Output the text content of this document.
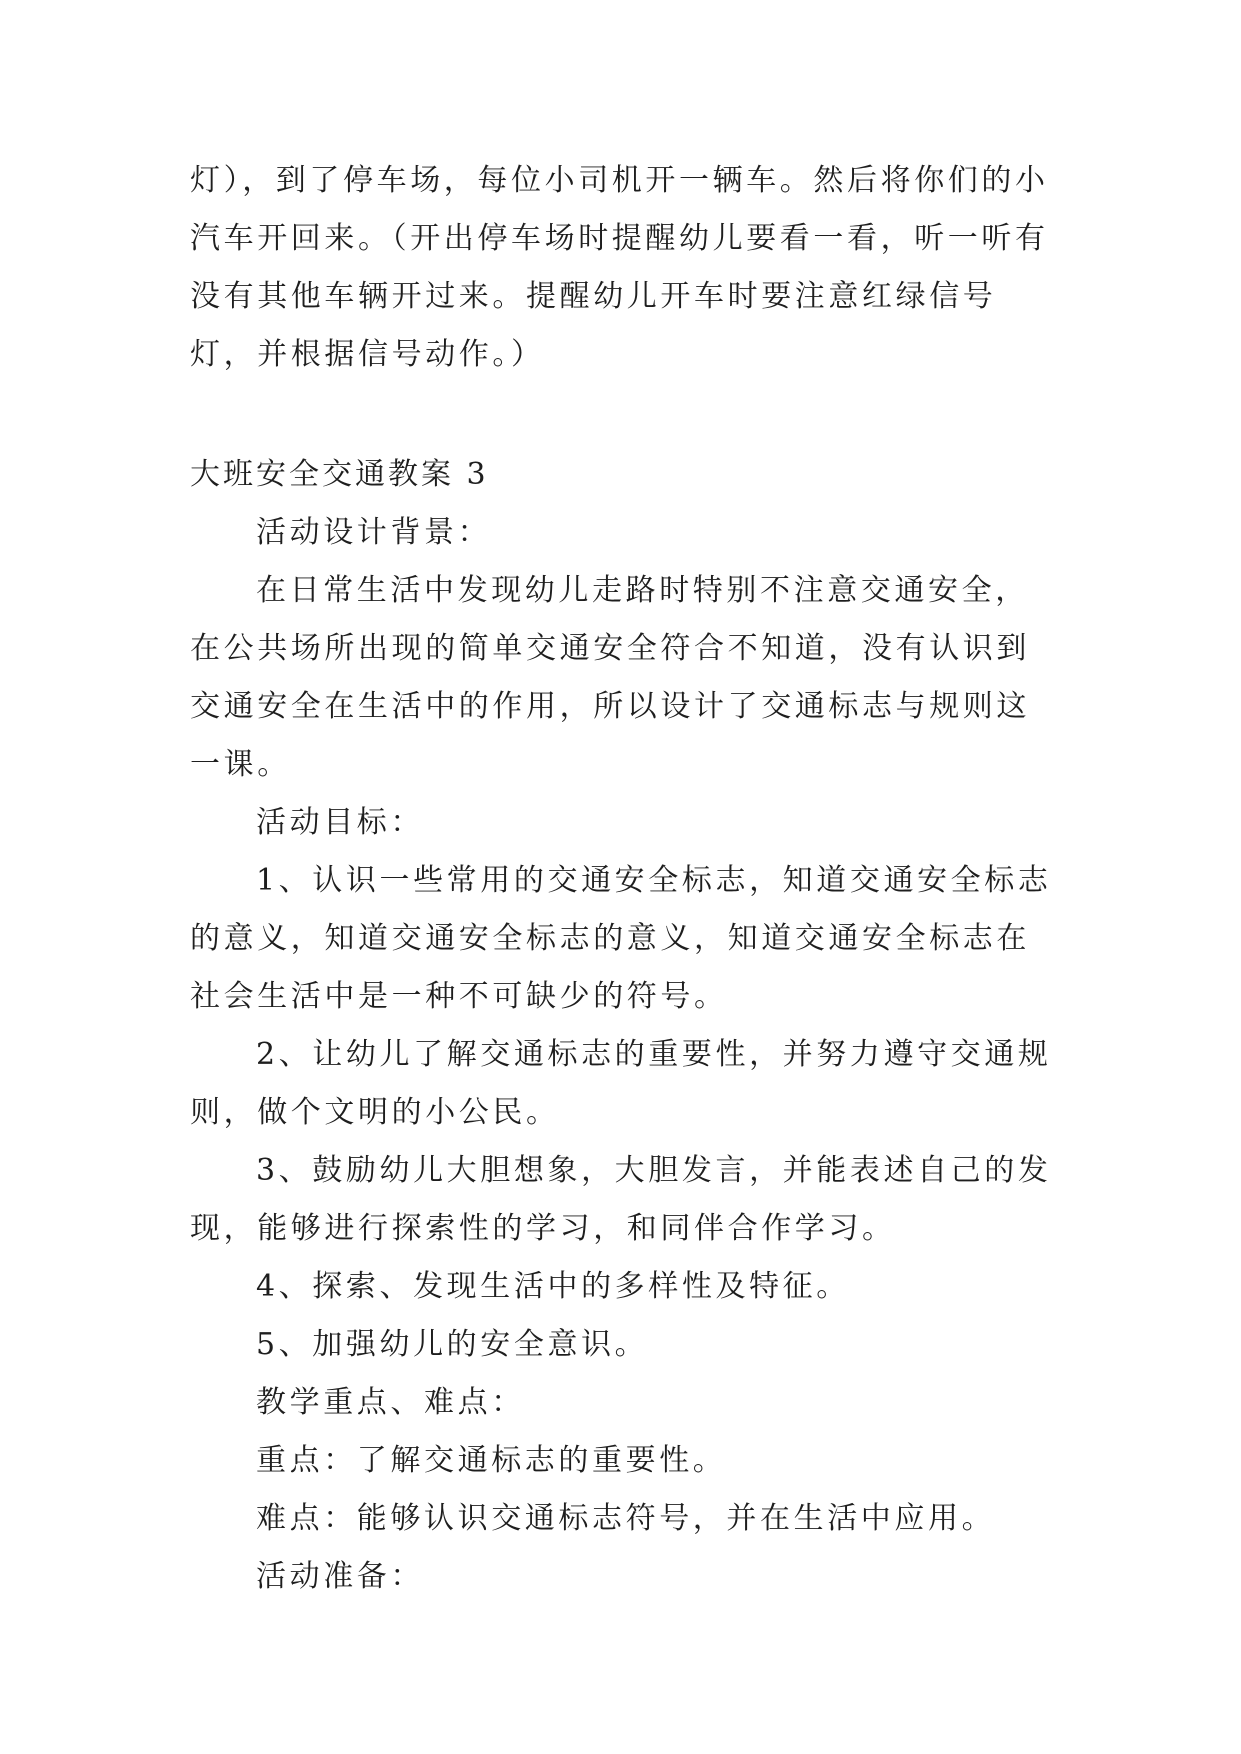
灯），到了停车场，每位小司机开一辆车。然后将你们的小汽车开回来。（开出停车场时提醒幼儿要看一看，听一听有没有其他车辆开过来。提醒幼儿开车时要注意红绿信号灯，并根据信号动作。）

大班安全交通教案 3

活动设计背景：

在日常生活中发现幼儿走路时特别不注意交通安全，在公共场所出现的简单交通安全符合不知道，没有认识到交通安全在生活中的作用，所以设计了交通标志与规则这一课。

活动目标：

1、认识一些常用的交通安全标志，知道交通安全标志的意义，知道交通安全标志的意义，知道交通安全标志在社会生活中是一种不可缺少的符号。

2、让幼儿了解交通标志的重要性，并努力遵守交通规则，做个文明的小公民。

3、鼓励幼儿大胆想象，大胆发言，并能表述自己的发现，能够进行探索性的学习，和同伴合作学习。

4、探索、发现生活中的多样性及特征。

5、加强幼儿的安全意识。

教学重点、难点：

重点：了解交通标志的重要性。

难点：能够认识交通标志符号，并在生活中应用。

活动准备：
